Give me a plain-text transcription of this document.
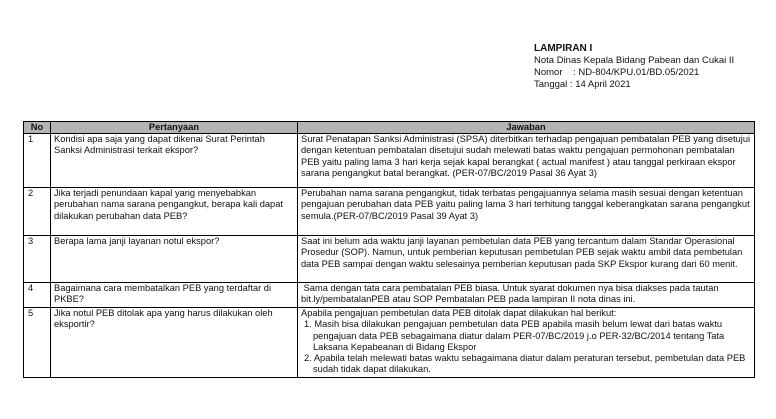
LAMPIRAN I
Nota Dinas Kepala Bidang Pabean dan Cukai II
Nomor    : ND-804/KPU.01/BD.05/2021
Tanggal : 14 April 2021
No	Pertanyaan	Jawaban
1	Kondisi apa saja yang dapat dikenai Surat Perintah Sanksi Administrasi terkait ekspor?	Surat Penatapan Sanksi Administrasi (SPSA) diterbitkan terhadap pengajuan pembatalan PEB yang disetujui dengan ketentuan pembatalan disetujui sudah melewati batas waktu pengajuan permohonan pembatalan PEB yaitu paling lama 3 hari kerja sejak kapal berangkat ( actual manifest ) atau tanggal perkiraan ekspor sarana pengangkut batal berangkat. (PER-07/BC/2019 Pasal 36 Ayat 3)
2	Jika terjadi penundaan kapal yang menyebabkan perubahan nama sarana pengangkut, berapa kali dapat dilakukan perubahan data PEB?	Perubahan nama sarana pengangkut, tidak terbatas pengajuannya selama masih sesuai dengan ketentuan pengajuan perubahan data PEB yaitu paling lama 3 hari terhitung tanggal keberangkatan sarana pengangkut semula.(PER-07/BC/2019 Pasal 39 Ayat 3)
3	Berapa lama janji layanan notul ekspor?	Saat ini belum ada waktu janji layanan pembetulan data PEB yang tercantum dalam Standar Operasional Prosedur (SOP). Namun, untuk pemberian keputusan pembetulan PEB sejak waktu ambil data pembetulan data PEB sampai dengan waktu selesainya pemberian keputusan pada SKP Ekspor kurang dari 60 menit.
4	Bagaimana cara membatalkan PEB yang terdaftar di PKBE?	Sama dengan tata cara pembatalan PEB biasa. Untuk syarat dokumen nya bisa diakses pada tautan bit.ly/pembatalanPEB atau SOP Pembatalan PEB pada lampiran II nota dinas ini.
5	Jika notul PEB ditolak apa yang harus dilakukan oleh eksportir?	Apabila pengajuan pembetulan data PEB ditolak dapat dilakukan hal berikut:
1. Masih bisa dilakukan pengajuan pembetulan data PEB apabila masih belum lewat dari batas waktu pengajuan data PEB sebagaimana diatur dalam PER-07/BC/2019 j.o PER-32/BC/2014 tentang Tata Laksana Kepabeanan di Bidang Ekspor
2. Apabila telah melewati batas waktu sebagaimana diatur dalam peraturan tersebut, pembetulan data PEB sudah tidak dapat dilakukan.
